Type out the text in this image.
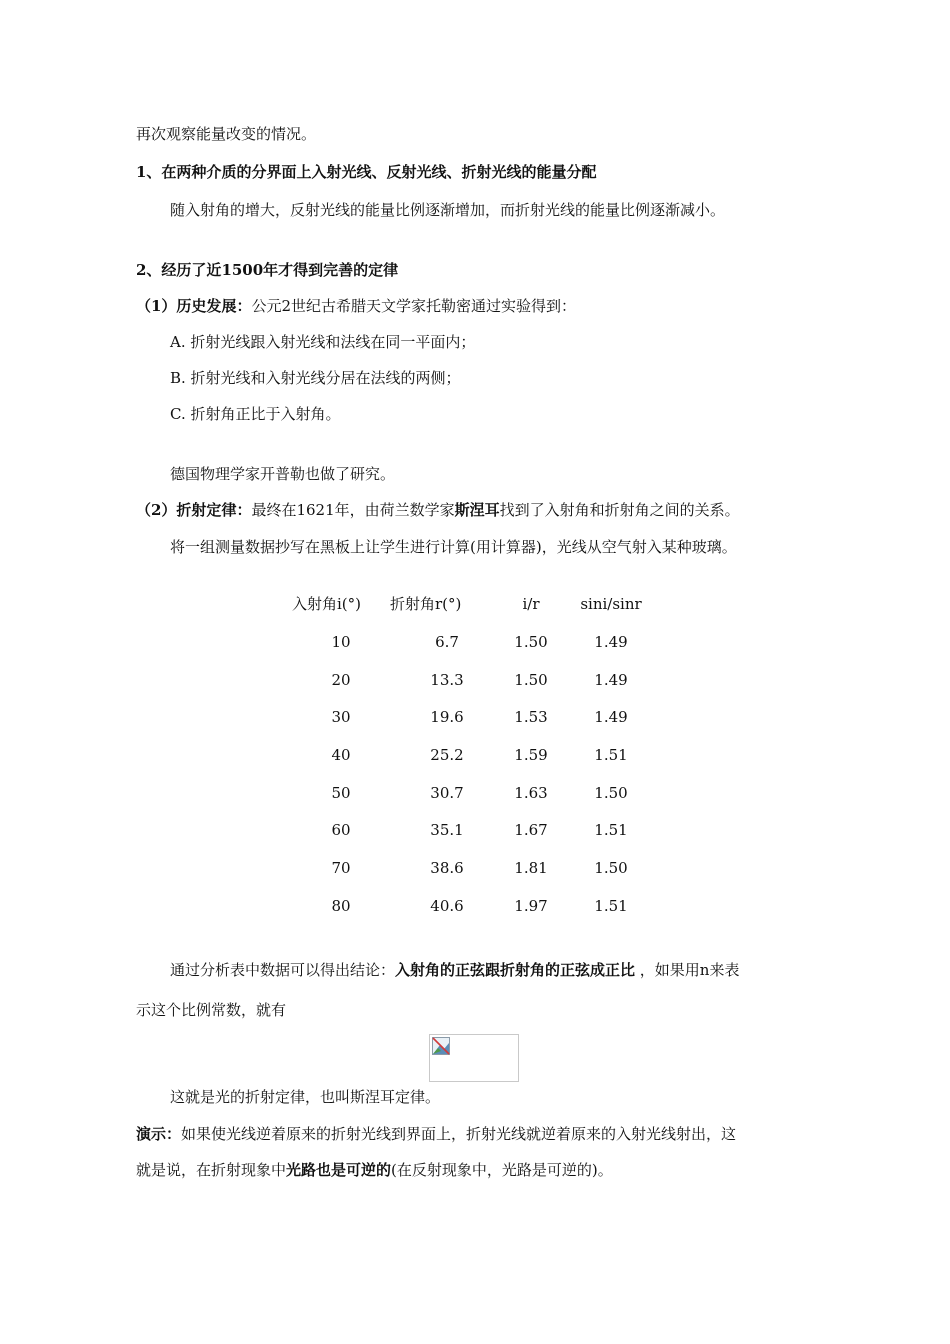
再次观察能量改变的情况。
1、在两种介质的分界面上入射光线、反射光线、折射光线的能量分配
随入射角的增大，反射光线的能量比例逐渐增加，而折射光线的能量比例逐渐减小。
2、经历了近1500年才得到完善的定律
（1）历史发展：公元2世纪古希腊天文学家托勒密通过实验得到：
A. 折射光线跟入射光线和法线在同一平面内；
B. 折射光线和入射光线分居在法线的两侧；
C. 折射角正比于入射角。
德国物理学家开普勒也做了研究。
（2）折射定律：最终在1621年，由荷兰数学家斯涅耳找到了入射角和折射角之间的关系。
将一组测量数据抄写在黑板上让学生进行计算(用计算器)，光线从空气射入某种玻璃。
入射角i(°)	折射角r(°)	i/r	sini/sinr
10	6.7	1.50	1.49
20	13.3	1.50	1.49
30	19.6	1.53	1.49
40	25.2	1.59	1.51
50	30.7	1.63	1.50
60	35.1	1.67	1.51
70	38.6	1.81	1.50
80	40.6	1.97	1.51
通过分析表中数据可以得出结论：入射角的正弦跟折射角的正弦成正比 ，如果用n来表
示这个比例常数，就有
这就是光的折射定律，也叫斯涅耳定律。
演示：如果使光线逆着原来的折射光线到界面上，折射光线就逆着原来的入射光线射出，这
就是说，在折射现象中光路也是可逆的(在反射现象中，光路是可逆的)。
